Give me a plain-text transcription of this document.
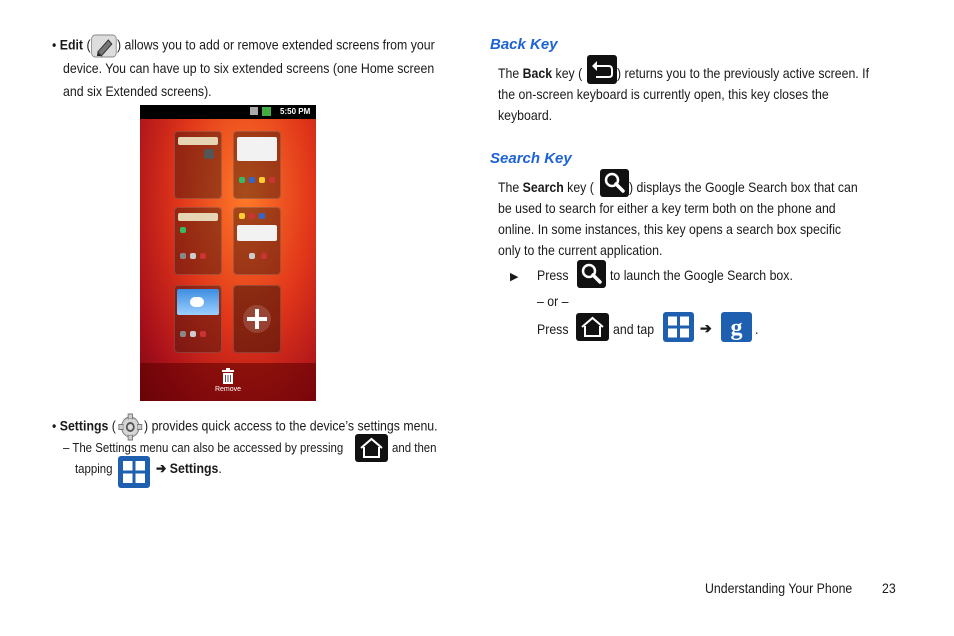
• Edit ( ) allows you to add or remove extended screens from your
device. You can have up to six extended screens (one Home screen
and six Extended screens).
5:50 PM
Remove
• Settings ( ) provides quick access to the device’s settings menu.
– The Settings menu can also be accessed by pressing	and then
tapping	➔ Settings.
Back Key
The Back key ( ) returns you to the previously active screen. If
the on-screen keyboard is currently open, this key closes the
keyboard.
Search Key
The Search key (	) displays the Google Search box that can
be used to search for either a key term both on the phone and
online. In some instances, this key opens a search box specific
only to the current application.
▶ Press	to launch the Google Search box.
– or –
Press	and tap	➔ g .
Understanding Your Phone 23
